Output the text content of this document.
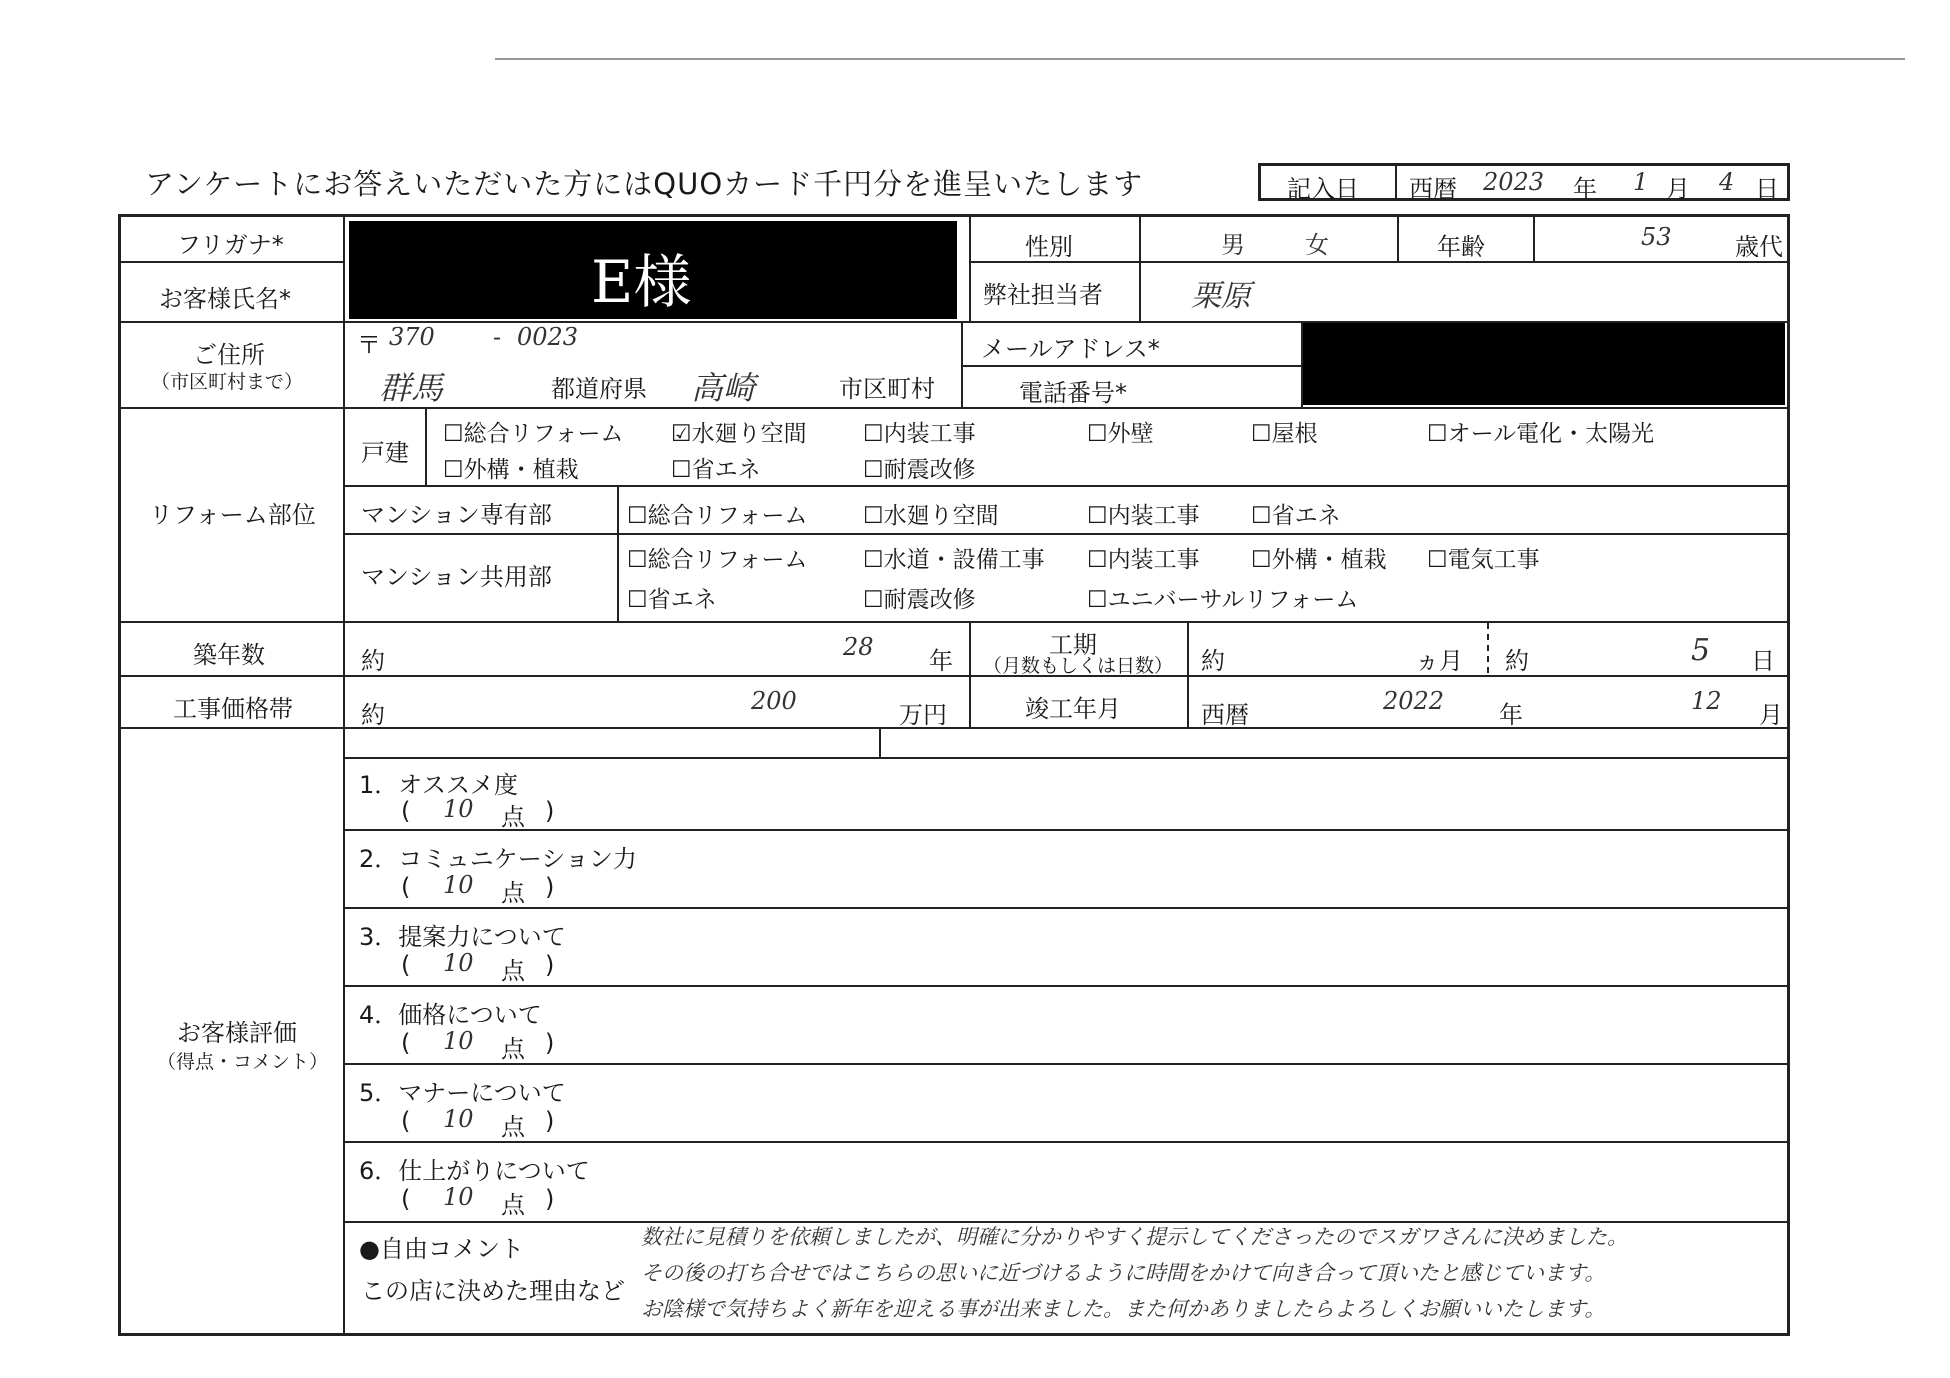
アンケートにお答えいただいた方にはQUOカード千円分を進呈いたします	記入日 西暦 2023 年 1 月 4 日
フリガナ*
お客様氏名*	E様
性別	男	女	年齢	53	歳代
弊社担当者	栗原
ご住所
（市区町村まで）
〒 370 - 0023
群馬	都道府県 高崎	市区町村
メールアドレス*
電話番号*
リフォーム部位
戸建
☐総合リフォーム ☑水廻り空間 ☐内装工事	☐外壁	☐屋根	☐オール電化・太陽光
☐外構・植栽	☐省エネ	☐耐震改修
マンション専有部	☐総合リフォーム ☐水廻り空間	☐内装工事 ☐省エネ
マンション共用部
☐総合リフォーム ☐水道・設備工事 ☐内装工事 ☐外構・植栽 ☐電気工事
☐省エネ	☐耐震改修	☐ユニバーサルリフォーム
築年数	約	28 年
工期
（月数もしくは日数） 約	ヵ月 約	5 日
工事価格帯	約	200	万円	竣工年月	西暦	2022 年	12 月
お客様評価
（得点・コメント）
1．オススメ度
( 10 点 )
2．コミュニケーション力
( 10 点 )
3．提案力について
( 10 点 )
4．価格について
( 10 点 )
5．マナーについて
( 10 点 )
6．仕上がりについて
( 10 点 )
●自由コメント
この店に決めた理由など
数社に見積りを依頼しましたが、明確に分かりやすく提示してくださったのでスガワさんに決めました。
その後の打ち合せではこちらの思いに近づけるように時間をかけて向き合って頂いたと感じています。
お陰様で気持ちよく新年を迎える事が出来ました。また何かありましたらよろしくお願いいたします。
